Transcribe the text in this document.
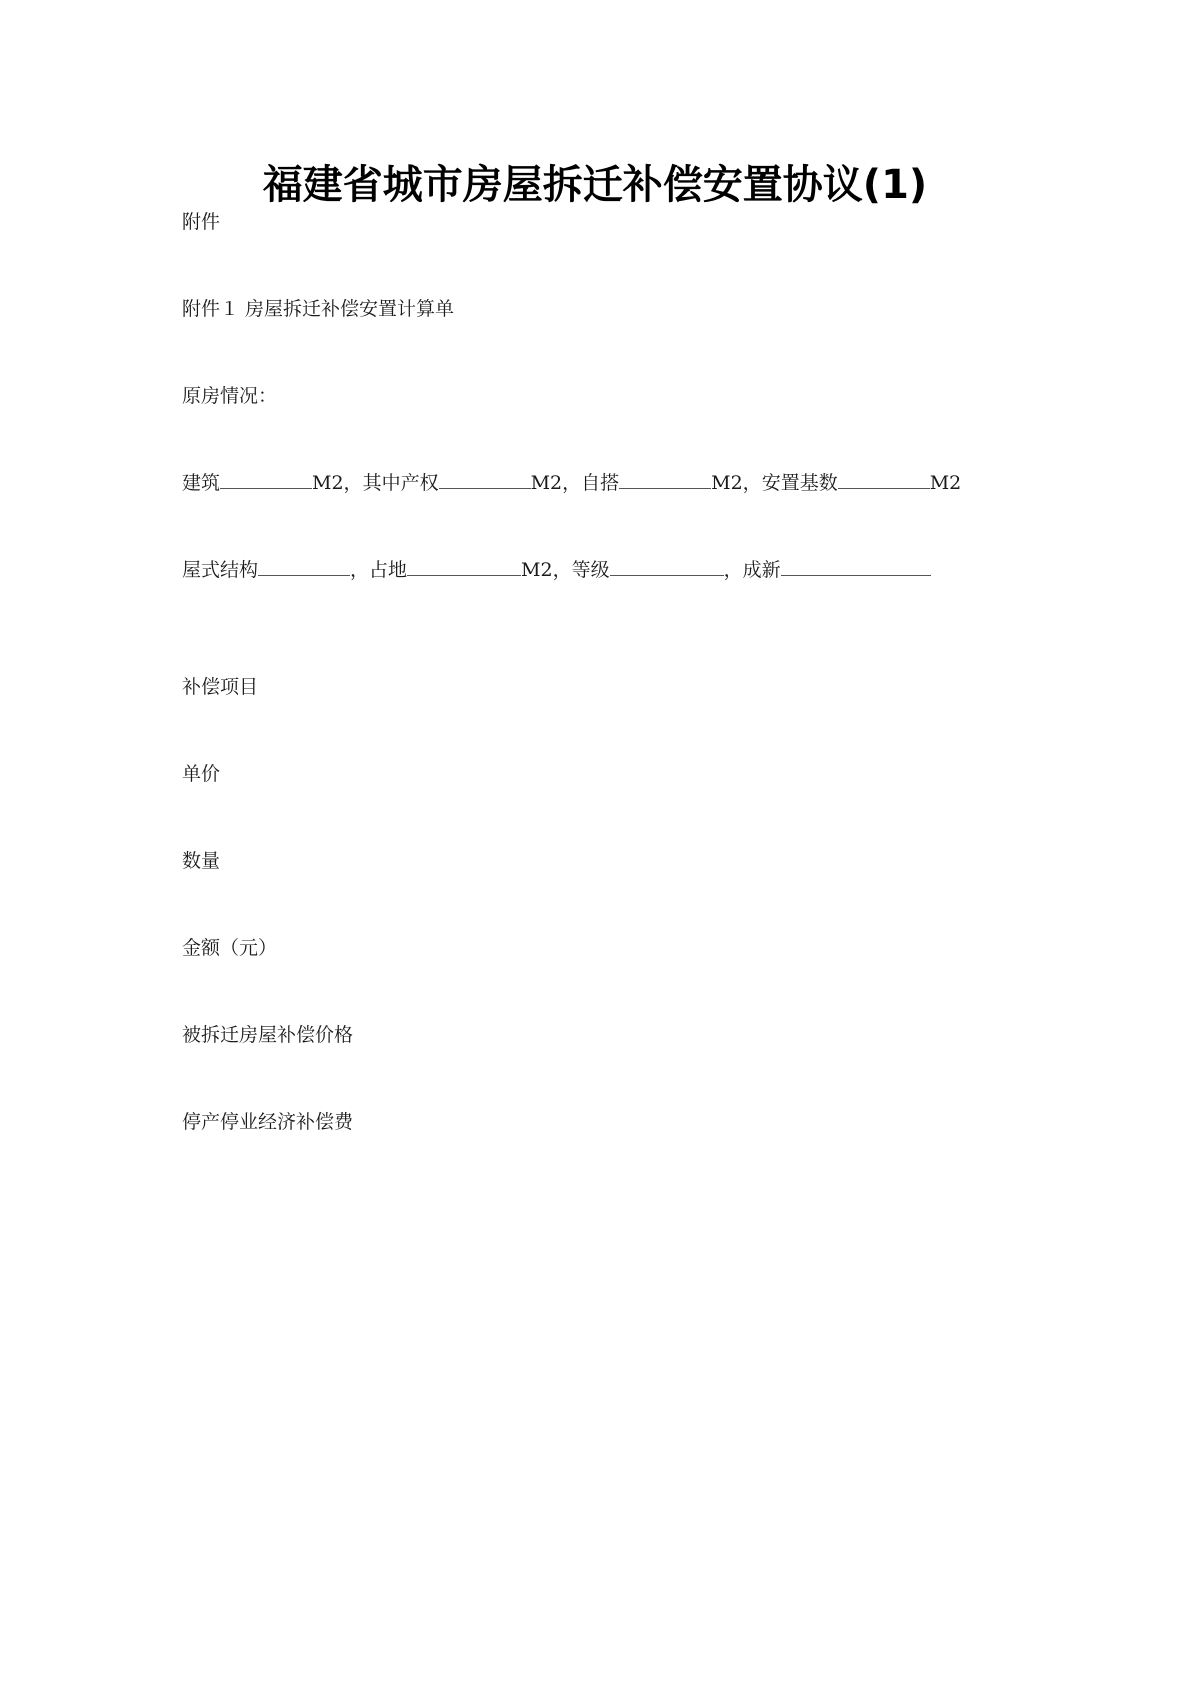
福建省城市房屋拆迁补偿安置协议(1)
附件
附件１ 房屋拆迁补偿安置计算单
原房情况：
建筑	M2，其中产权	M2，自搭	M2，安置基数	M2
屋式结构	，占地	M2，等级	，成新
补偿项目
单价
数量
金额（元）
被拆迁房屋补偿价格
停产停业经济补偿费
